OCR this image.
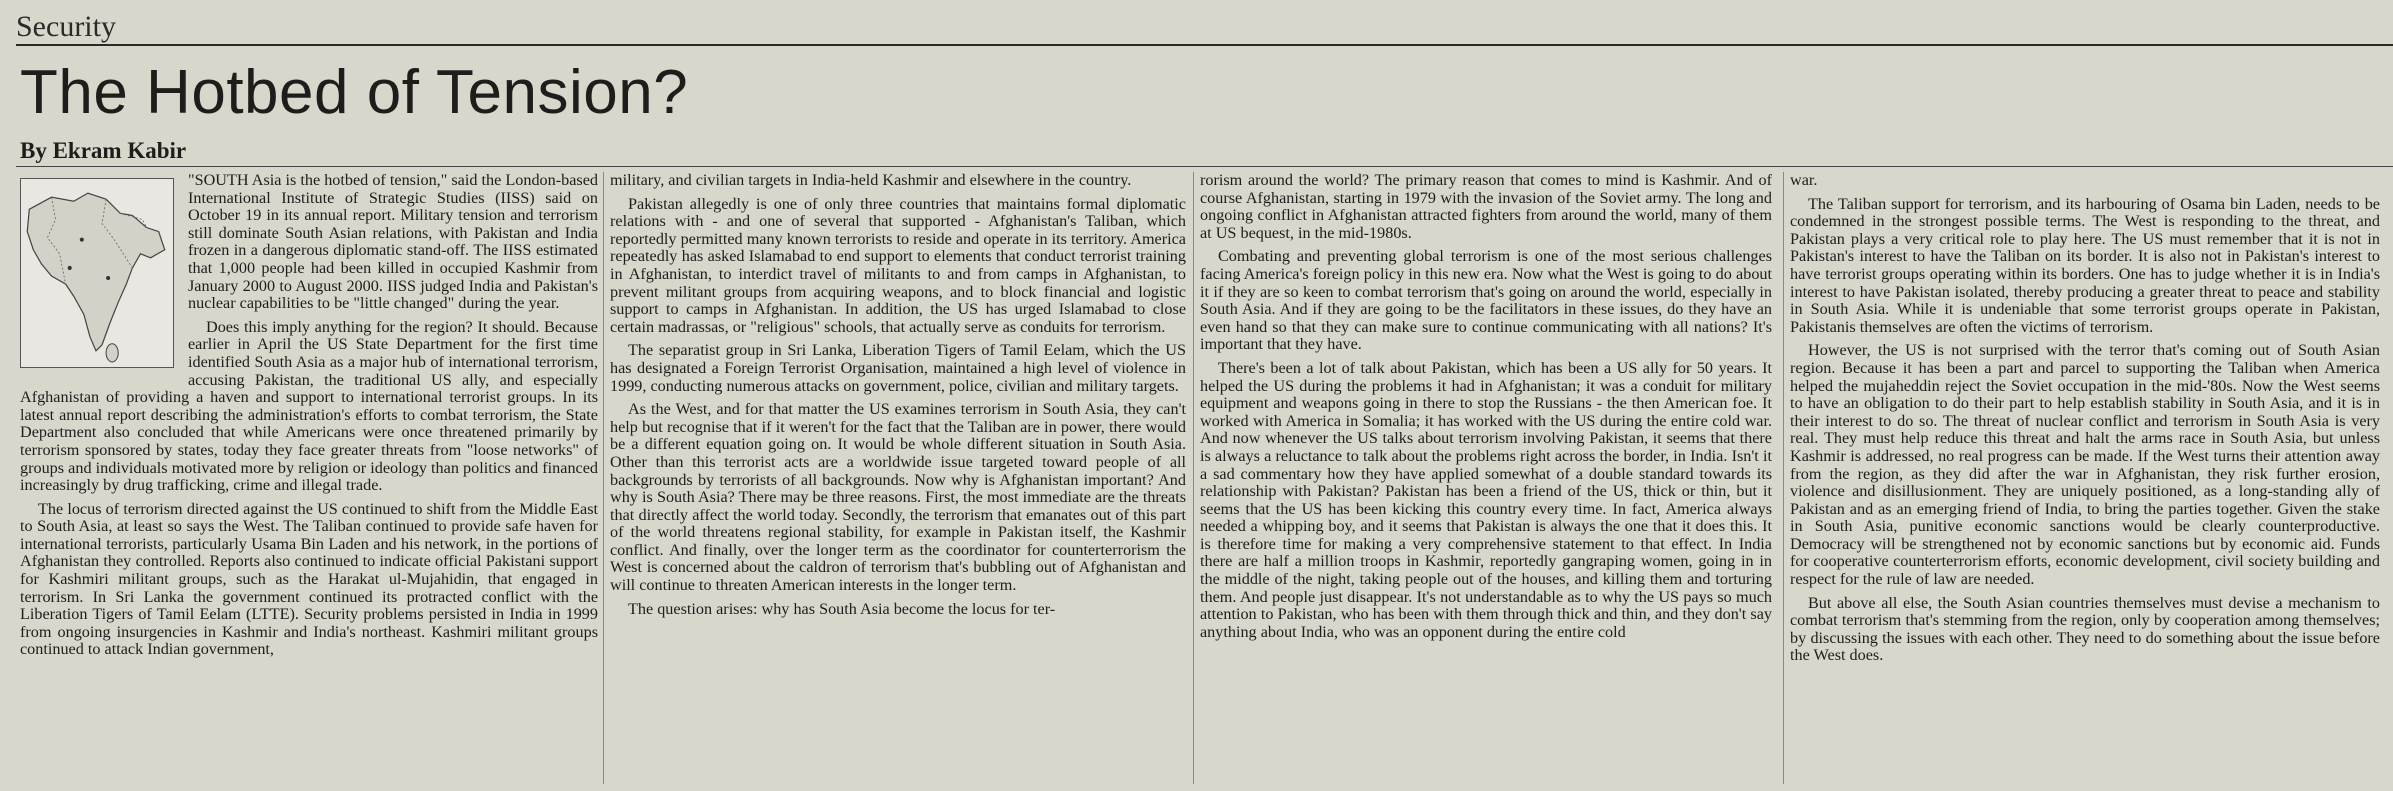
Security
The Hotbed of Tension?
By Ekram Kabir

"SOUTH Asia is the hotbed of tension," said the London-based International Institute of Strategic Studies (IISS) said on October 19 in its annual report. Military tension and terrorism still dominate South Asian relations, with Pakistan and India frozen in a dangerous diplomatic stand-off. The IISS estimated that 1,000 people had been killed in occupied Kashmir from January 2000 to August 2000. IISS judged India and Pakistan's nuclear capabilities to be "little changed" during the year.

Does this imply anything for the region? It should. Because earlier in April the US State Department for the first time identified South Asia as a major hub of international terrorism, accusing Pakistan, the traditional US ally, and especially Afghanistan of providing a haven and support to international terrorist groups. In its latest annual report describing the administration's efforts to combat terrorism, the State Department also concluded that while Americans were once threatened primarily by terrorism sponsored by states, today they face greater threats from "loose networks" of groups and individuals motivated more by religion or ideology than politics and financed increasingly by drug trafficking, crime and illegal trade.

The locus of terrorism directed against the US continued to shift from the Middle East to South Asia, at least so says the West. The Taliban continued to provide safe haven for international terrorists, particularly Usama Bin Laden and his network, in the portions of Afghanistan they controlled. Reports also continued to indicate official Pakistani support for Kashmiri militant groups, such as the Harakat ul-Mujahidin, that engaged in terrorism. In Sri Lanka the government continued its protracted conflict with the Liberation Tigers of Tamil Eelam (LTTE). Security problems persisted in India in 1999 from ongoing insurgencies in Kashmir and India's northeast. Kashmiri militant groups continued to attack Indian government,

military, and civilian targets in India-held Kashmir and elsewhere in the country.

Pakistan allegedly is one of only three countries that maintains formal diplomatic relations with - and one of several that supported - Afghanistan's Taliban, which reportedly permitted many known terrorists to reside and operate in its territory. America repeatedly has asked Islamabad to end support to elements that conduct terrorist training in Afghanistan, to interdict travel of militants to and from camps in Afghanistan, to prevent militant groups from acquiring weapons, and to block financial and logistic support to camps in Afghanistan. In addition, the US has urged Islamabad to close certain madrassas, or "religious" schools, that actually serve as conduits for terrorism.

The separatist group in Sri Lanka, Liberation Tigers of Tamil Eelam, which the US has designated a Foreign Terrorist Organisation, maintained a high level of violence in 1999, conducting numerous attacks on government, police, civilian and military targets.

As the West, and for that matter the US examines terrorism in South Asia, they can't help but recognise that if it weren't for the fact that the Taliban are in power, there would be a different equation going on. It would be whole different situation in South Asia. Other than this terrorist acts are a worldwide issue targeted toward people of all backgrounds by terrorists of all backgrounds. Now why is Afghanistan important? And why is South Asia? There may be three reasons. First, the most immediate are the threats that directly affect the world today. Secondly, the terrorism that emanates out of this part of the world threatens regional stability, for example in Pakistan itself, the Kashmir conflict. And finally, over the longer term as the coordinator for counterterrorism the West is concerned about the caldron of terrorism that's bubbling out of Afghanistan and will continue to threaten American interests in the longer term.

The question arises: why has South Asia become the locus for ter-

rorism around the world? The primary reason that comes to mind is Kashmir. And of course Afghanistan, starting in 1979 with the invasion of the Soviet army. The long and ongoing conflict in Afghanistan attracted fighters from around the world, many of them at US bequest, in the mid-1980s.

Combating and preventing global terrorism is one of the most serious challenges facing America's foreign policy in this new era. Now what the West is going to do about it if they are so keen to combat terrorism that's going on around the world, especially in South Asia. And if they are going to be the facilitators in these issues, do they have an even hand so that they can make sure to continue communicating with all nations? It's important that they have.

There's been a lot of talk about Pakistan, which has been a US ally for 50 years. It helped the US during the problems it had in Afghanistan; it was a conduit for military equipment and weapons going in there to stop the Russians - the then American foe. It worked with America in Somalia; it has worked with the US during the entire cold war. And now whenever the US talks about terrorism involving Pakistan, it seems that there is always a reluctance to talk about the problems right across the border, in India. Isn't it a sad commentary how they have applied somewhat of a double standard towards its relationship with Pakistan? Pakistan has been a friend of the US, thick or thin, but it seems that the US has been kicking this country every time. In fact, America always needed a whipping boy, and it seems that Pakistan is always the one that it does this. It is therefore time for making a very comprehensive statement to that effect. In India there are half a million troops in Kashmir, reportedly gangraping women, going in in the middle of the night, taking people out of the houses, and killing them and torturing them. And people just disappear. It's not understandable as to why the US pays so much attention to Pakistan, who has been with them through thick and thin, and they don't say anything about India, who was an opponent during the entire cold

war.

The Taliban support for terrorism, and its harbouring of Osama bin Laden, needs to be condemned in the strongest possible terms. The West is responding to the threat, and Pakistan plays a very critical role to play here. The US must remember that it is not in Pakistan's interest to have the Taliban on its border. It is also not in Pakistan's interest to have terrorist groups operating within its borders. One has to judge whether it is in India's interest to have Pakistan isolated, thereby producing a greater threat to peace and stability in South Asia. While it is undeniable that some terrorist groups operate in Pakistan, Pakistanis themselves are often the victims of terrorism.

However, the US is not surprised with the terror that's coming out of South Asian region. Because it has been a part and parcel to supporting the Taliban when America helped the mujaheddin reject the Soviet occupation in the mid-'80s. Now the West seems to have an obligation to do their part to help establish stability in South Asia, and it is in their interest to do so. The threat of nuclear conflict and terrorism in South Asia is very real. They must help reduce this threat and halt the arms race in South Asia, but unless Kashmir is addressed, no real progress can be made. If the West turns their attention away from the region, as they did after the war in Afghanistan, they risk further erosion, violence and disillusionment. They are uniquely positioned, as a long-standing ally of Pakistan and as an emerging friend of India, to bring the parties together. Given the stake in South Asia, punitive economic sanctions would be clearly counterproductive. Democracy will be strengthened not by economic sanctions but by economic aid. Funds for cooperative counterterrorism efforts, economic development, civil society building and respect for the rule of law are needed.

But above all else, the South Asian countries themselves must devise a mechanism to combat terrorism that's stemming from the region, only by cooperation among themselves; by discussing the issues with each other. They need to do something about the issue before the West does.
